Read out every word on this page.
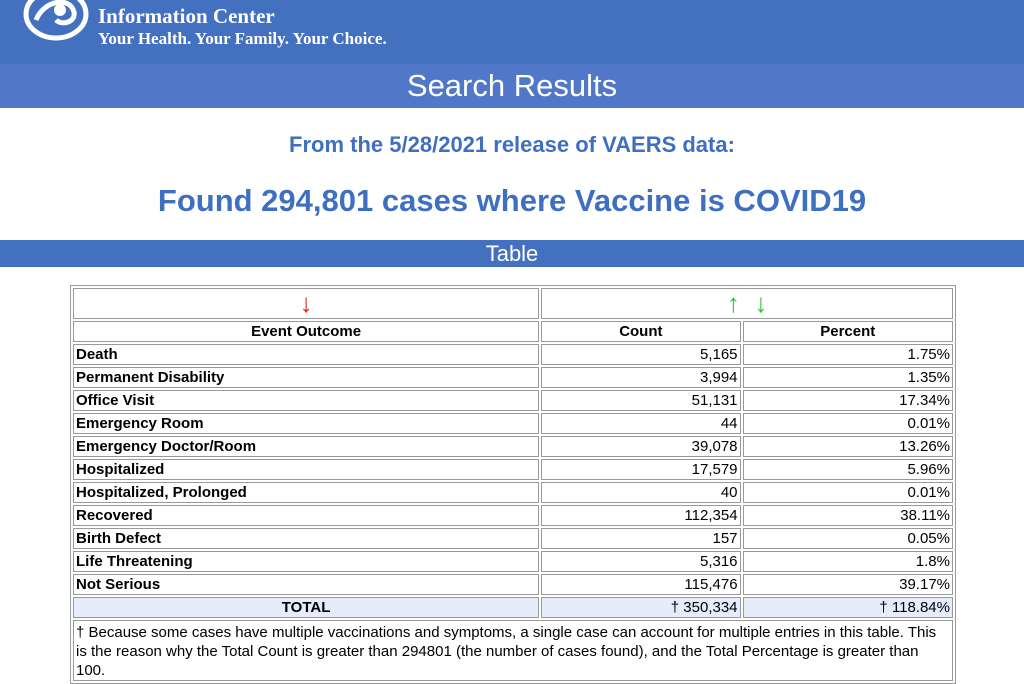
Information Center
Your Health. Your Family. Your Choice.
Search Results
From the 5/28/2021 release of VAERS data:
Found 294,801 cases where Vaccine is COVID19
Table
↓	↑ ↓	
Event Outcome	Count	Percent
Death	5,165	1.75%
Permanent Disability	3,994	1.35%
Office Visit	51,131	17.34%
Emergency Room	44	0.01%
Emergency Doctor/Room	39,078	13.26%
Hospitalized	17,579	5.96%
Hospitalized, Prolonged	40	0.01%
Recovered	112,354	38.11%
Birth Defect	157	0.05%
Life Threatening	5,316	1.8%
Not Serious	115,476	39.17%
TOTAL	† 350,334	† 118.84%
† Because some cases have multiple vaccinations and symptoms, a single case can account for multiple entries in this table. This is the reason why the Total Count is greater than 294801 (the number of cases found), and the Total Percentage is greater than 100.		
